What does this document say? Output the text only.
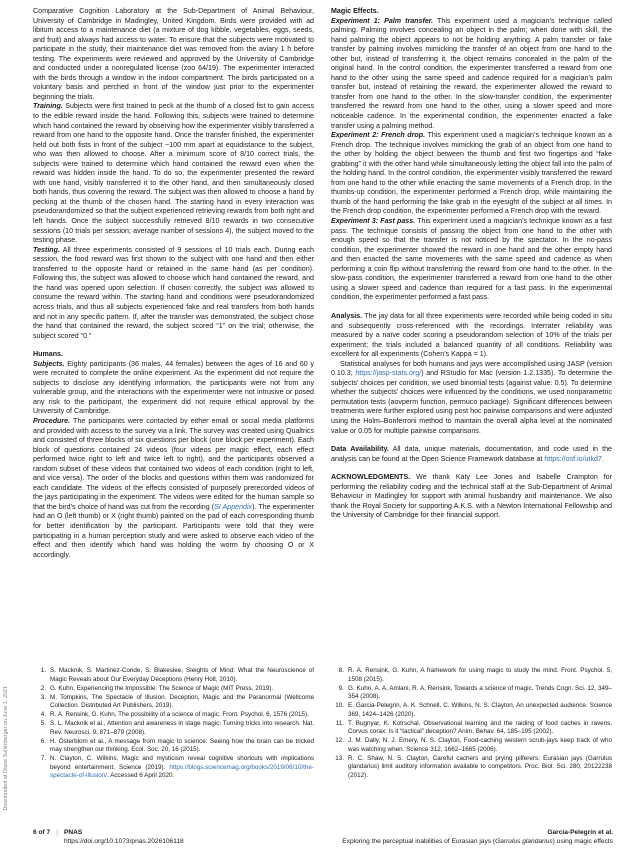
Downloaded at Diane Sullenberger on June 1, 2021

Comparative Cognition Laboratory at the Sub-Department of Animal Behaviour, University of Cambridge in Madingley, United Kingdom. Birds were provided with ad libitum access to a maintenance diet (a mixture of dog kibble, vegetables, eggs, seeds, and fruit) and always had access to water. To ensure that the subjects were motivated to participate in the study, their maintenance diet was removed from the aviary 1 h before testing. The experiments were reviewed and approved by the University of Cambridge and conducted under a nonregulated license (zoo 64/19). The experimenter interacted with the birds through a window in the indoor compartment. The birds participated on a voluntary basis and perched in front of the window just prior to the experimenter beginning the trials.

Training. Subjects were first trained to peck at the thumb of a closed fist to gain access to the edible reward inside the hand. Following this, subjects were trained to determine which hand contained the reward by observing how the experimenter visibly transferred a reward from one hand to the opposite hand. Once the transfer finished, the experimenter held out both fists in front of the subject ~100 mm apart at equidistance to the subject, who was then allowed to choose. After a minimum score of 8/10 correct trials, the subjects were trained to determine which hand contained the reward even when the reward was hidden inside the hand. To do so, the experimenter presented the reward with one hand, visibly transferred it to the other hand, and then simultaneously closed both hands, thus covering the reward. The subject was then allowed to choose a hand by pecking at the thumb of the chosen hand. The starting hand in every interaction was pseudorandomized so that the subject experienced retrieving rewards from both right and left hands. Once the subject successfully retrieved 8/10 rewards in two consecutive sessions (10 trials per session; average number of sessions 4), the subject moved to the testing phase.

Testing. All three experiments consisted of 9 sessions of 10 trials each. During each session, the food reward was first shown to the subject with one hand and then either transferred to the opposite hand or retained in the same hand (as per condition). Following this, the subject was allowed to choose which hand contained the reward, and the hand was opened upon selection. If chosen correctly, the subject was allowed to consume the reward within. The starting hand and conditions were pseudorandomized across trials, and thus all subjects experienced fake and real transfers from both hands and not in any specific pattern. If, after the transfer was demonstrated, the subject chose the hand that contained the reward, the subject scored “1” on the trial; otherwise, the subject scored “0.”

Humans.

Subjects. Eighty participants (36 males, 44 females) between the ages of 16 and 60 y were recruited to complete the online experiment. As the experiment did not require the subjects to disclose any identifying information, the participants were not from any vulnerable group, and the interactions with the experimenter were not intrusive or posed any risk to the participant, the experiment did not require ethical approval by the University of Cambridge.

Procedure. The participants were contacted by either email or social media platforms and provided with access to the survey via a link. The survey was created using Qualtrics and consisted of three blocks of six questions per block (one block per experiment). Each block of questions contained 24 videos (four videos per magic effect, each effect performed twice right to left and twice left to right), and the participants observed a random subset of these videos that contained two videos of each condition (right to left, and vice versa). The order of the blocks and questions within them was randomized for each candidate. The videos of the effects consisted of purposely prerecorded videos of the jays participating in the experiment. The videos were edited for the human sample so that the bird’s choice of hand was cut from the recording (SI Appendix). The experimenter had an O (left thumb) or X (right thumb) painted on the pad of each corresponding thumb for better identification by the participant. Participants were told that they were participating in a human perception study and were asked to observe each video of the effect and then identify which hand was holding the worm by choosing O or X accordingly.

1. S. Macknik, S. Martinez-Conde, S. Blakeslee, Sleights of Mind: What the Neuroscience of Magic Reveals about Our Everyday Deceptions (Henry Holt, 2010).
2. G. Kuhn, Experiencing the Impossible: The Science of Magic (MIT Press, 2019).
3. M. Tompkins, The Spectacle of Illusion. Deception, Magic and the Paranormal (Wellcome Collection. Distributed Art Publishers, 2019).
4. R. A. Rensink, G. Kuhn, The possibility of a science of magic. Front. Psychol. 6, 1576 (2015).
5. S. L. Macknik et al., Attention and awareness in stage magic: Turning tricks into research. Nat. Rev. Neurosci. 9, 871–879 (2008).
6. H. Österblom et al., A message from magic to science: Seeing how the brain can be tricked may strengthen our thinking. Ecol. Soc. 20, 16 (2015).
7. N. Clayton, C. Wilkins, Magic and mysticism reveal cognitive shortcuts with implications beyond entertainment. Science (2019). https://blogs.sciencemag.org/books/2019/06/10/the-spectacle-of-illusion/. Accessed 6 April 2020.

Magic Effects.

Experiment 1: Palm transfer. This experiment used a magician’s technique called palming. Palming involves concealing an object in the palm; when done with skill, the hand palming the object appears to not be holding anything. A palm transfer or fake transfer by palming involves mimicking the transfer of an object from one hand to the other but, instead of transferring it, the object remains concealed in the palm of the original hand. In the control condition, the experimenter transferred a reward from one hand to the other using the same speed and cadence required for a magician’s palm transfer but, instead of retaining the reward, the experimenter allowed the reward to transfer from one hand to the other. In the slow-transfer condition, the experimenter transferred the reward from one hand to the other, using a slower speed and more noticeable cadence. In the experimental condition, the experimenter enacted a fake transfer using a palming method.

Experiment 2: French drop. This experiment used a magician’s technique known as a French drop. The technique involves mimicking the grab of an object from one hand to the other by holding the object between the thumb and first two fingertips and “fake grabbing” it with the other hand while simultaneously letting the object fall into the palm of the holding hand. In the control condition, the experimenter visibly transferred the reward from one hand to the other while enacting the same movements of a French drop. In the thumbs-up condition, the experimenter performed a French drop, while maintaining the thumb of the hand performing the fake grab in the eyesight of the subject at all times. In the French drop condition, the experimenter performed a French drop with the reward.

Experiment 3: Fast pass. This experiment used a magician’s technique known as a fast pass. The technique consists of passing the object from one hand to the other with enough speed so that the transfer is not noticed by the spectator. In the no-pass condition, the experimenter showed the reward in one hand and the other empty hand and then enacted the same movements with the same speed and cadence as when performing a coin flip without transferring the reward from one hand to the other. In the slow-pass condition, the experimenter transferred a reward from one hand to the other using a slower speed and cadence than required for a fast pass. In the experimental condition, the experimenter performed a fast pass.

Analysis. The jay data for all three experiments were recorded while being coded in situ and subsequently cross-referenced with the recordings. Interrater reliability was measured by a naïve coder scoring a pseudorandom selection of 10% of the trials per experiment; the trials included a balanced quantity of all conditions. Reliability was excellent for all experiments (Cohen’s Kappa = 1).

Statistical analyses for both humans and jays were accomplished using JASP (version 0.10.3; https://jasp-stats.org/) and RStudio for Mac (version 1.2.1335). To determine the subjects’ choices per condition, we used binomial tests (against value: 0.5). To determine whether the subjects’ choices were influenced by the conditions, we used nonparametric permutation tests (aovperm function, permuco package). Significant differences between treatments were further explored using post hoc pairwise comparisons and were adjusted using the Holm–Bonferroni method to maintain the overall alpha level at the nominated value or 0.05 for multiple pairwise comparisons.

Data Availability. All data, unique materials, documentation, and code used in the analysis can be found at the Open Science Framework database at https://osf.io/utkd7.

ACKNOWLEDGMENTS. We thank Katy Lee Jones and Isabelle Crampton for performing the reliability coding and the technical staff at the Sub-Department of Animal Behaviour in Madingley for support with animal husbandry and maintenance. We also thank the Royal Society for supporting A.K.S. with a Newton International Fellowship and the University of Cambridge for their financial support.

8. R. A. Rensink, G. Kuhn, A framework for using magic to study the mind. Front. Psychol. 5, 1508 (2015).
9. G. Kuhn, A. A. Amlani, R. A. Rensink, Towards a science of magic. Trends Cogn. Sci. 12, 349–354 (2008).
10. E. Garcia-Pelegrin, A. K. Schnell, C. Wilkins, N. S. Clayton, An unexpected audience. Science 369, 1424–1426 (2020).
11. T. Bugnyar, K. Kotrschal, Observational learning and the raiding of food caches in ravens, Corvus corax: Is it “tactical” deception? Anim. Behav. 64, 185–195 (2002).
12. J. M. Dally, N. J. Emery, N. S. Clayton, Food-caching western scrub-jays keep track of who was watching when. Science 312, 1662–1665 (2006).
13. R. C. Shaw, N. S. Clayton, Careful cachers and prying pilferers: Eurasian jays (Garrulus glandarius) limit auditory information available to competitors. Proc. Biol. Sci. 280, 20122238 (2012).
6 of 7 | PNAS
https://doi.org/10.1073/pnas.2026106118
Garcia-Pelegrin et al.
Exploring the perceptual inabilities of Eurasian jays (Garrulus glandarius) using magic effects
